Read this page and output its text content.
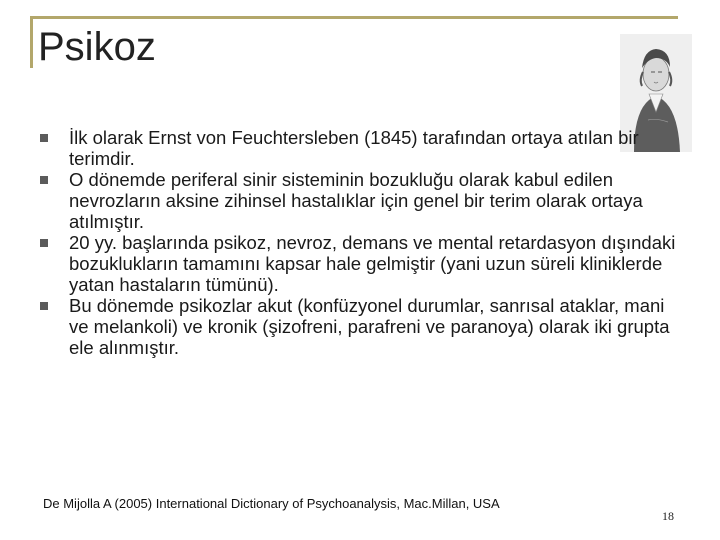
Psikoz
İlk olarak Ernst von Feuchtersleben (1845) tarafından ortaya atılan bir terimdir.
O dönemde periferal sinir sisteminin bozukluğu olarak kabul edilen nevrozların aksine zihinsel hastalıklar için genel bir terim olarak ortaya atılmıştır.
20 yy. başlarında psikoz, nevroz, demans ve mental retardasyon dışındaki bozuklukların tamamını kapsar hale gelmiştir (yani uzun süreli kliniklerde yatan hastaların tümünü).
Bu dönemde psikozlar akut (konfüzyonel durumlar, sanrısal ataklar, mani ve melankoli) ve kronik (şizofreni, parafreni ve paranoya) olarak iki grupta ele alınmıştır.
De Mijolla A (2005) International Dictionary of Psychoanalysis, Mac.Millan, USA
18
